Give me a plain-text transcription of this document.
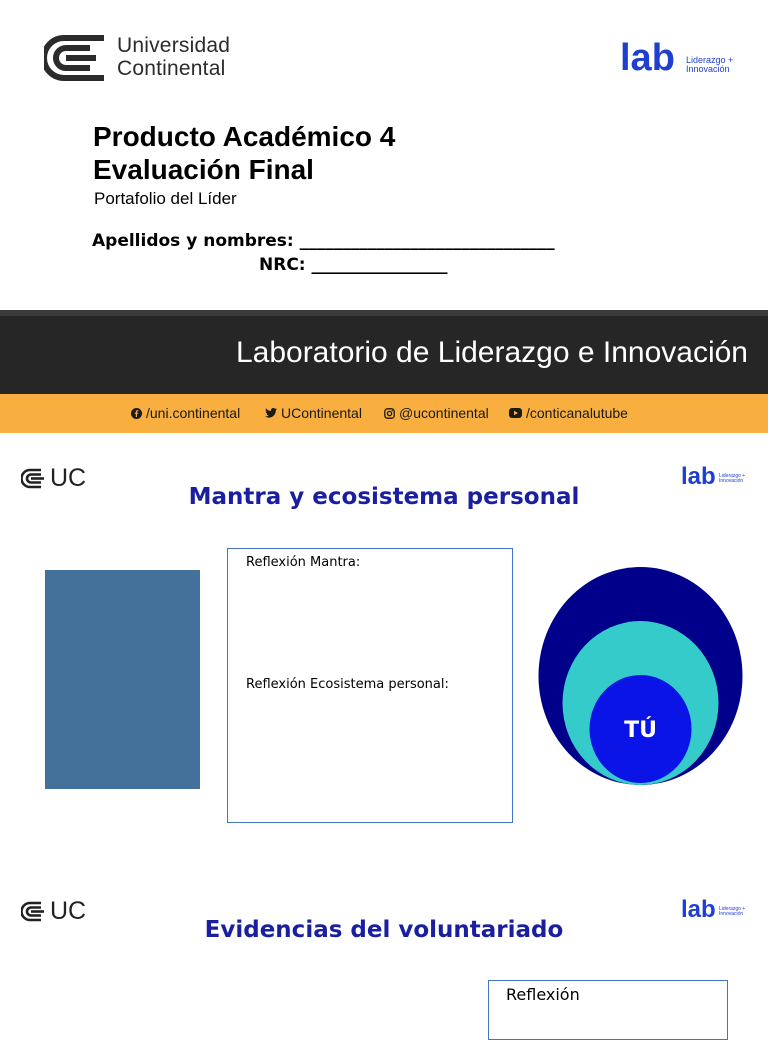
Universidad
Continental	lab Liderazgo +
Innovación
Producto Académico 4
Evaluación Final
Portafolio del Líder
Apellidos y nombres: ______________________________
NRC: ________________
Laboratorio de Liderazgo e Innovación
/uni.continental	UContinental	@ucontinental	/conticanalutube
UC	lab Liderazgo +
Innovación
Mantra y ecosistema personal
Reflexión Mantra:
Reflexión Ecosistema personal:
TÚ
UC	lab Liderazgo +
Innovación
Evidencias del voluntariado
Reflexión
